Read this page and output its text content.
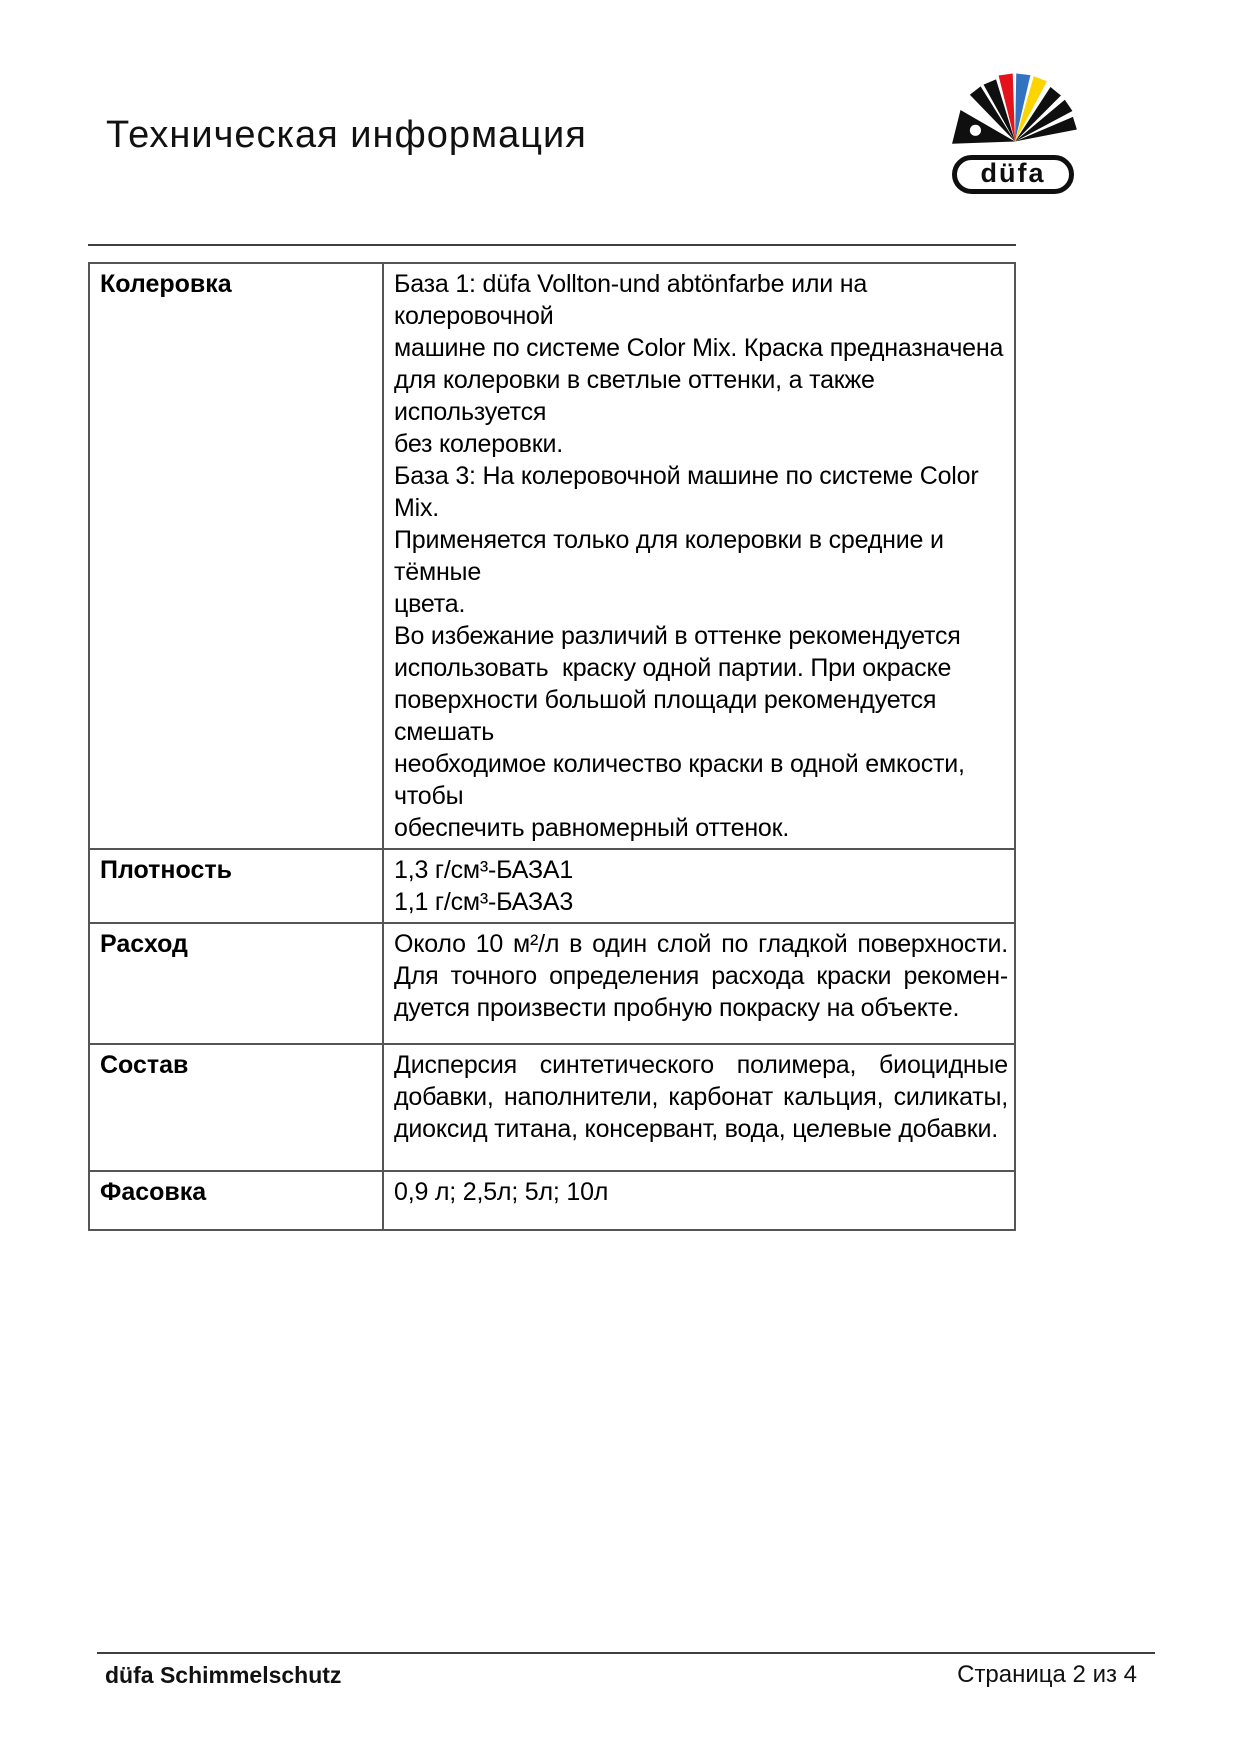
Техническая информация
düfa
Колеровка	База 1: düfa Vollton-und abtönfarbe или на колеровочной
машине по системе Color Mix. Краска предназначена
для колеровки в светлые оттенки, а также используется
без колеровки.
База 3: На колеровочной машине по системе Color Mix.
Применяется только для колеровки в средние и тёмные
цвета.
Во избежание различий в оттенке рекомендуется
использовать  краску одной партии. При окраске
поверхности большой площади рекомендуется смешать
необходимое количество краски в одной емкости, чтобы
обеспечить равномерный оттенок.
Плотность	1,3 г/см³-БАЗА1
1,1 г/см³-БАЗА3
Расход	Около 10 м²/л в один слой по гладкой поверхности.
Для точного определения расхода краски рекомен-
дуется произвести пробную покраску на объекте.
Состав	Дисперсия синтетического полимера, биоцидные
добавки, наполнители, карбонат кальция, силикаты,
диоксид титана, консервант, вода, целевые добавки.
Фасовка	0,9 л; 2,5л; 5л; 10л
düfa Schimmelschutz	Страница 2 из 4
